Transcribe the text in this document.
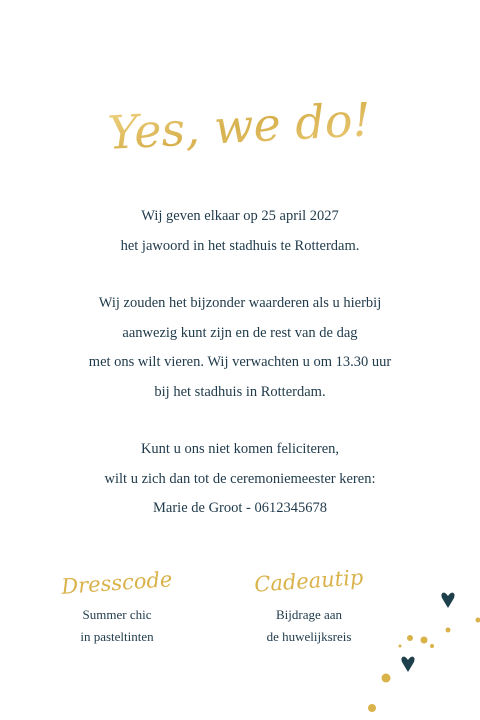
Yes, we do!

Wij geven elkaar op 25 april 2027

het jawoord in het stadhuis te Rotterdam.

Wij zouden het bijzonder waarderen als u hierbij

aanwezig kunt zijn en de rest van de dag

met ons wilt vieren. Wij verwachten u om 13.30 uur

bij het stadhuis in Rotterdam.

Kunt u ons niet komen feliciteren,

wilt u zich dan tot de ceremoniemeester keren:

Marie de Groot - 0612345678

Dresscode

Summer chic

in pasteltinten

Cadeautip

Bijdrage aan

de huwelijksreis
